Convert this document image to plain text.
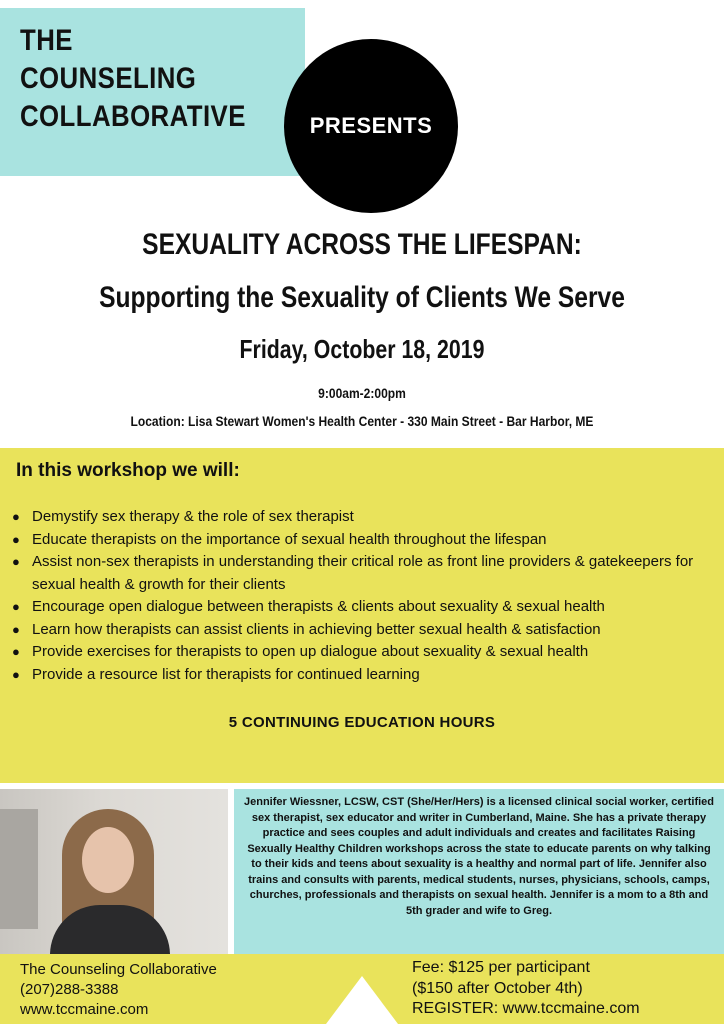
THE
COUNSELING
COLLABORATIVE	PRESENTS
SEXUALITY ACROSS THE LIFESPAN:
Supporting the Sexuality of Clients We Serve
Friday, October 18, 2019
9:00am-2:00pm
Location: Lisa Stewart Women's Health Center - 330 Main Street - Bar Harbor, ME
In this workshop we will:
● Demystify sex therapy & the role of sex therapist
● Educate therapists on the importance of sexual health throughout the lifespan
● Assist non-sex therapists in understanding their critical role as front line providers & gatekeepers for sexual health & growth for their clients
● Encourage open dialogue between therapists & clients about sexuality & sexual health
● Learn how therapists can assist clients in achieving better sexual health & satisfaction
● Provide exercises for therapists to open up dialogue about sexuality & sexual health
● Provide a resource list for therapists for continued learning
5 CONTINUING EDUCATION HOURS

Jennifer Wiessner, LCSW, CST (She/Her/Hers) is a licensed clinical social worker, certified sex therapist, sex educator and writer in Cumberland, Maine. She has a private therapy practice and sees couples and adult individuals and creates and facilitates Raising Sexually Healthy Children workshops across the state to educate parents on why talking to their kids and teens about sexuality is a healthy and normal part of life. Jennifer also trains and consults with parents, medical students, nurses, physicians, schools, camps, churches, professionals and therapists on sexual health. Jennifer is a mom to a 8th and 5th grader and wife to Greg.

The Counseling Collaborative
(207)288-3388
www.tccmaine.com
Fee: $125 per participant
($150 after October 4th)
REGISTER: www.tccmaine.com
